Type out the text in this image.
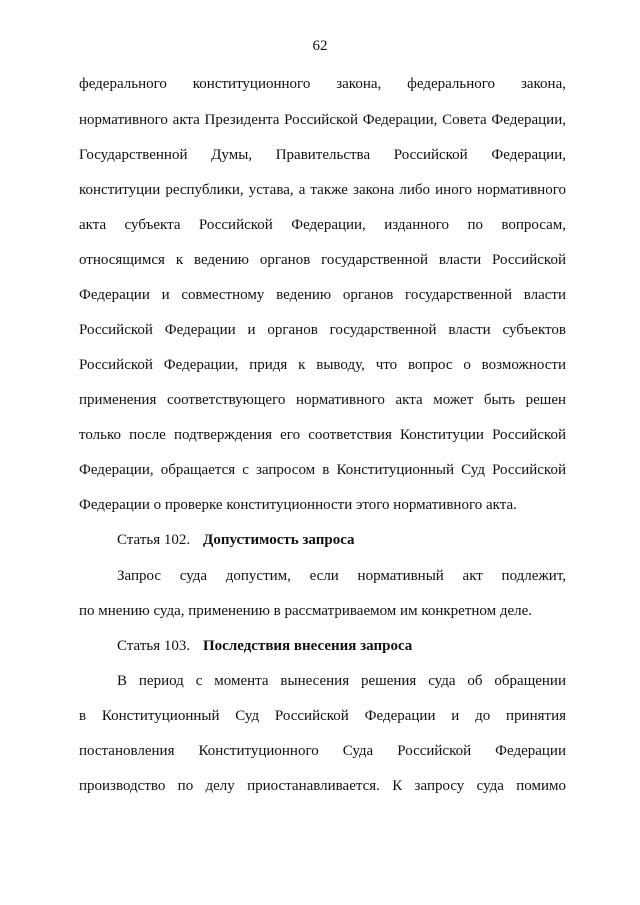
62
федерального конституционного закона, федерального закона,
нормативного акта Президента Российской Федерации, Совета Федерации,
Государственной Думы, Правительства Российской Федерации,
конституции республики, устава, а также закона либо иного нормативного
акта субъекта Российской Федерации, изданного по вопросам,
относящимся к ведению органов государственной власти Российской
Федерации и совместному ведению органов государственной власти
Российской Федерации и органов государственной власти субъектов
Российской Федерации, придя к выводу, что вопрос о возможности
применения соответствующего нормативного акта может быть решен
только после подтверждения его соответствия Конституции Российской
Федерации, обращается с запросом в Конституционный Суд Российской
Федерации о проверке конституционности этого нормативного акта.
Статья 102. Допустимость запроса
Запрос суда допустим, если нормативный акт подлежит,
по мнению суда, применению в рассматриваемом им конкретном деле.
Статья 103. Последствия внесения запроса
В период с момента вынесения решения суда об обращении
в Конституционный Суд Российской Федерации и до принятия
постановления Конституционного Суда Российской Федерации
производство по делу приостанавливается. К запросу суда помимо
